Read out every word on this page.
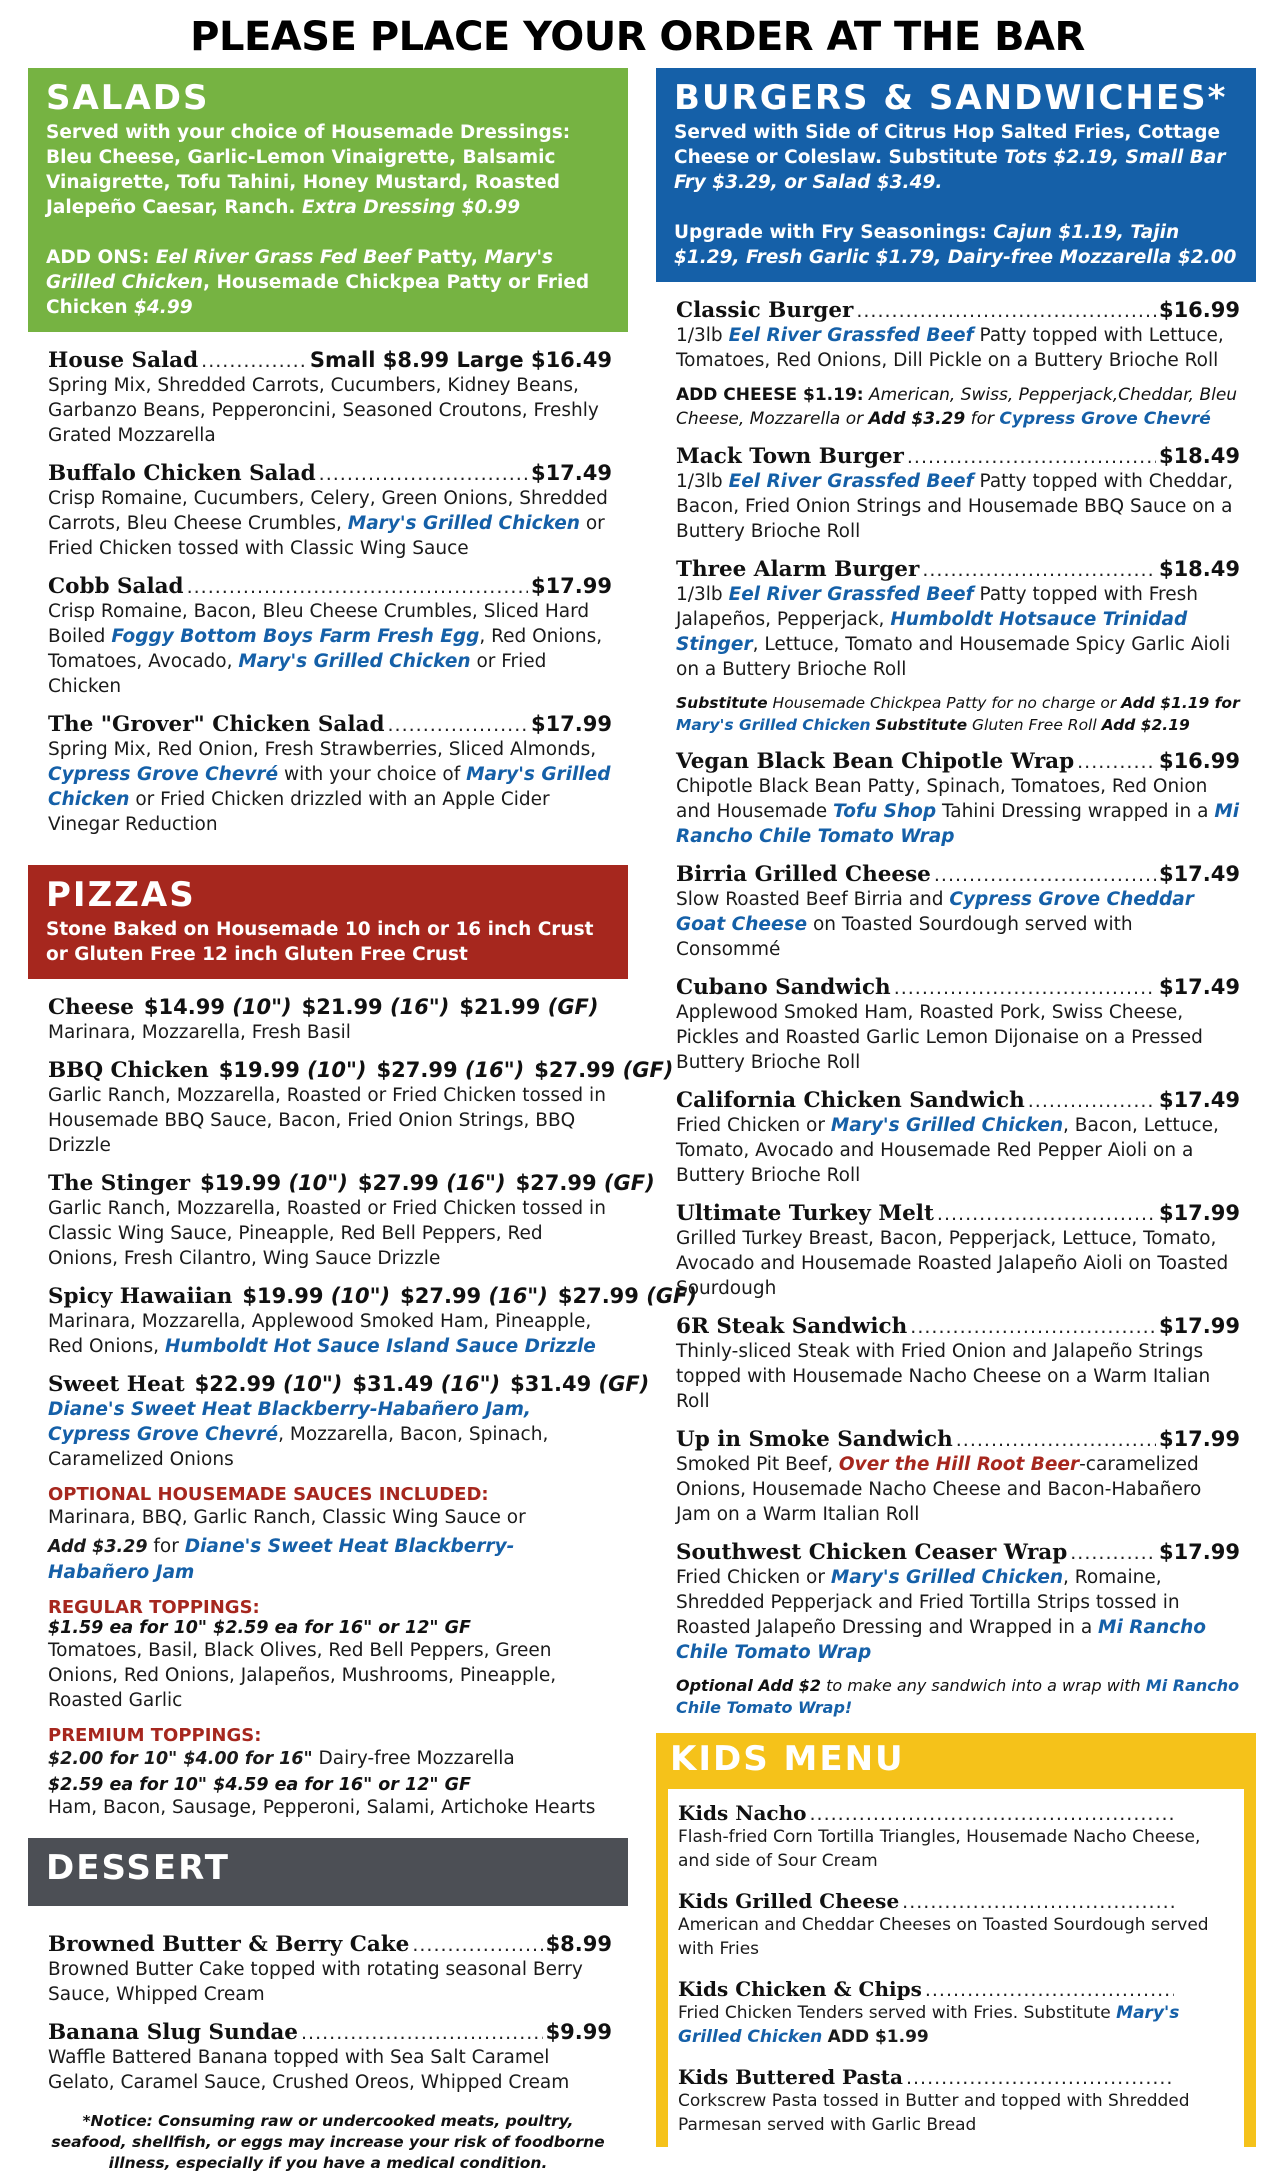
PLEASE PLACE YOUR ORDER AT THE BAR
SALADS
Served with your choice of Housemade Dressings: Bleu Cheese, Garlic-Lemon Vinaigrette, Balsamic Vinaigrette, Tofu Tahini, Honey Mustard, Roasted Jalepeño Caesar, Ranch. Extra Dressing $0.99
ADD ONS: Eel River Grass Fed Beef Patty, Mary's Grilled Chicken, Housemade Chickpea Patty or Fried Chicken $4.99
House Salad .....	Small $8.99 Large $16.49
Spring Mix, Shredded Carrots, Cucumbers, Kidney Beans, Garbanzo Beans, Pepperoncini, Seasoned Croutons, Freshly Grated Mozzarella
Buffalo Chicken Salad .....	$17.49
Crisp Romaine, Cucumbers, Celery, Green Onions, Shredded Carrots, Bleu Cheese Crumbles, Mary's Grilled Chicken or Fried Chicken tossed with Classic Wing Sauce
Cobb Salad .....	$17.99
Crisp Romaine, Bacon, Bleu Cheese Crumbles, Sliced Hard Boiled Foggy Bottom Boys Farm Fresh Egg, Red Onions, Tomatoes, Avocado, Mary's Grilled Chicken or Fried Chicken
The "Grover" Chicken Salad .....	$17.99
Spring Mix, Red Onion, Fresh Strawberries, Sliced Almonds, Cypress Grove Chevré with your choice of Mary's Grilled Chicken or Fried Chicken drizzled with an Apple Cider Vinegar Reduction
PIZZAS
Stone Baked on Housemade 10 inch or 16 inch Crust or Gluten Free 12 inch Gluten Free Crust
Cheese $14.99 (10") $21.99 (16") $21.99 (GF)
Marinara, Mozzarella, Fresh Basil
BBQ Chicken $19.99 (10") $27.99 (16") $27.99 (GF)
Garlic Ranch, Mozzarella, Roasted or Fried Chicken tossed in Housemade BBQ Sauce, Bacon, Fried Onion Strings, BBQ Drizzle
The Stinger $19.99 (10") $27.99 (16") $27.99 (GF)
Garlic Ranch, Mozzarella, Roasted or Fried Chicken tossed in Classic Wing Sauce, Pineapple, Red Bell Peppers, Red Onions, Fresh Cilantro, Wing Sauce Drizzle
Spicy Hawaiian $19.99 (10") $27.99 (16") $27.99 (GF)
Marinara, Mozzarella, Applewood Smoked Ham, Pineapple, Red Onions, Humboldt Hot Sauce Island Sauce Drizzle
Sweet Heat $22.99 (10") $31.49 (16") $31.49 (GF)
Diane's Sweet Heat Blackberry-Habañero Jam, Cypress Grove Chevré, Mozzarella, Bacon, Spinach, Caramelized Onions
OPTIONAL HOUSEMADE SAUCES INCLUDED:
Marinara, BBQ, Garlic Ranch, Classic Wing Sauce or
Add $3.29 for Diane's Sweet Heat Blackberry-Habañero Jam
REGULAR TOPPINGS:
$1.59 ea for 10" $2.59 ea for 16" or 12" GF
Tomatoes, Basil, Black Olives, Red Bell Peppers, Green Onions, Red Onions, Jalapeños, Mushrooms, Pineapple, Roasted Garlic
PREMIUM TOPPINGS:
$2.00 for 10" $4.00 for 16" Dairy-free Mozzarella
$2.59 ea for 10" $4.59 ea for 16" or 12" GF
Ham, Bacon, Sausage, Pepperoni, Salami, Artichoke Hearts
DESSERT
Browned Butter & Berry Cake .....	$8.99
Browned Butter Cake topped with rotating seasonal Berry Sauce, Whipped Cream
Banana Slug Sundae .....	$9.99
Waffle Battered Banana topped with Sea Salt Caramel Gelato, Caramel Sauce, Crushed Oreos, Whipped Cream
*Notice: Consuming raw or undercooked meats, poultry, seafood, shellfish, or eggs may increase your risk of foodborne illness, especially if you have a medical condition.
BURGERS & SANDWICHES*
Served with Side of Citrus Hop Salted Fries, Cottage Cheese or Coleslaw. Substitute Tots $2.19, Small Bar Fry $3.29, or Salad $3.49.
Upgrade with Fry Seasonings: Cajun $1.19, Tajin $1.29, Fresh Garlic $1.79, Dairy-free Mozzarella $2.00
Classic Burger .....	$16.99
1/3lb Eel River Grassfed Beef Patty topped with Lettuce, Tomatoes, Red Onions, Dill Pickle on a Buttery Brioche Roll
ADD CHEESE $1.19: American, Swiss, Pepperjack,Cheddar, Bleu Cheese, Mozzarella or Add $3.29 for Cypress Grove Chevré
Mack Town Burger .....	$18.49
1/3lb Eel River Grassfed Beef Patty topped with Cheddar, Bacon, Fried Onion Strings and Housemade BBQ Sauce on a Buttery Brioche Roll
Three Alarm Burger .....	$18.49
1/3lb Eel River Grassfed Beef Patty topped with Fresh Jalapeños, Pepperjack, Humboldt Hotsauce Trinidad Stinger, Lettuce, Tomato and Housemade Spicy Garlic Aioli on a Buttery Brioche Roll
Substitute Housemade Chickpea Patty for no charge or Add $1.19 for Mary's Grilled Chicken Substitute Gluten Free Roll Add $2.19
Vegan Black Bean Chipotle Wrap .....	$16.99
Chipotle Black Bean Patty, Spinach, Tomatoes, Red Onion and Housemade Tofu Shop Tahini Dressing wrapped in a Mi Rancho Chile Tomato Wrap
Birria Grilled Cheese .....	$17.49
Slow Roasted Beef Birria and Cypress Grove Cheddar Goat Cheese on Toasted Sourdough served with Consommé
Cubano Sandwich .....	$17.49
Applewood Smoked Ham, Roasted Pork, Swiss Cheese, Pickles and Roasted Garlic Lemon Dijonaise on a Pressed Buttery Brioche Roll
California Chicken Sandwich .....	$17.49
Fried Chicken or Mary's Grilled Chicken, Bacon, Lettuce, Tomato, Avocado and Housemade Red Pepper Aioli on a Buttery Brioche Roll
Ultimate Turkey Melt .....	$17.99
Grilled Turkey Breast, Bacon, Pepperjack, Lettuce, Tomato, Avocado and Housemade Roasted Jalapeño Aioli on Toasted Sourdough
6R Steak Sandwich .....	$17.99
Thinly-sliced Steak with Fried Onion and Jalapeño Strings topped with Housemade Nacho Cheese on a Warm Italian Roll
Up in Smoke Sandwich .....	$17.99
Smoked Pit Beef, Over the Hill Root Beer-caramelized Onions, Housemade Nacho Cheese and Bacon-Habañero Jam on a Warm Italian Roll
Southwest Chicken Ceaser Wrap .....	$17.99
Fried Chicken or Mary's Grilled Chicken, Romaine, Shredded Pepperjack and Fried Tortilla Strips tossed in Roasted Jalapeño Dressing and Wrapped in a Mi Rancho Chile Tomato Wrap
Optional Add $2 to make any sandwich into a wrap with Mi Rancho Chile Tomato Wrap!
KIDS MENU
Kids Nacho .....	$8.49
Flash-fried Corn Tortilla Triangles, Housemade Nacho Cheese, and side of Sour Cream
Kids Grilled Cheese .....	$8.49
American and Cheddar Cheeses on Toasted Sourdough served with Fries
Kids Chicken & Chips .....	$8.49
Fried Chicken Tenders served with Fries. Substitute Mary's Grilled Chicken ADD $1.99
Kids Buttered Pasta .....	$8.49
Corkscrew Pasta tossed in Butter and topped with Shredded Parmesan served with Garlic Bread
